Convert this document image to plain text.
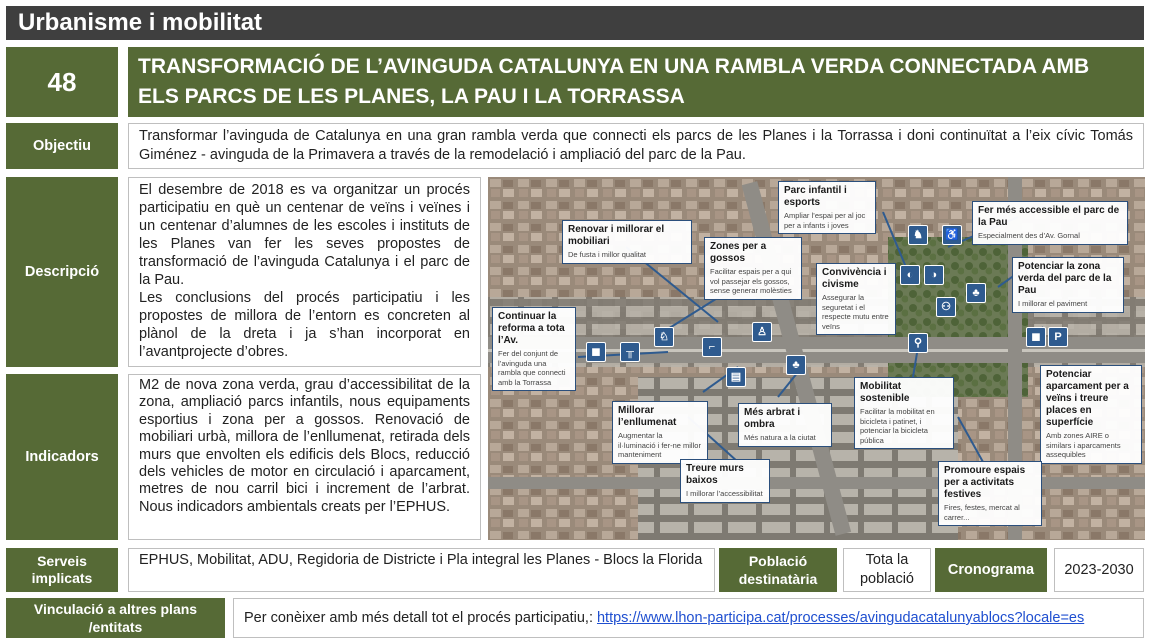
Urbanisme i mobilitat
48	TRANSFORMACIÓ DE L’AVINGUDA CATALUNYA EN UNA RAMBLA VERDA CONNECTADA AMB ELS PARCS DE LES PLANES, LA PAU I LA TORRASSA
Objectiu
Transformar l’avinguda de Catalunya en una gran rambla verda que connecti els parcs de les Planes i la Torrassa i doni continuïtat a l’eix cívic Tomás Giménez - avinguda de la Primavera a través de la remodelació i ampliació del parc de la Pau.
Descripció
El desembre de 2018 es va organitzar un procés participatiu en què un centenar de veïns i veïnes i un centenar d’alumnes de les escoles i instituts de les Planes van fer les seves propostes de transformació de l’avinguda Catalunya i el parc de la Pau.
Les conclusions del procés participatiu i les propostes de millora de l’entorn es concreten al plànol de la dreta i ja s’han incorporat en l’avantprojecte d’obres.
Indicadors
M2 de nova zona verda, grau d’accessibilitat de la zona, ampliació parcs infantils, nous equipaments esportius i zona per a gossos. Renovació de mobiliari urbà, millora de l’enllumenat, retirada dels murs que envolten els edificis dels Blocs, reducció dels vehicles de motor en circulació i aparcament, metres de nou carril bici i increment de l’arbrat. Nous indicadors ambientals creats per l’EPHUS.
Parc infantil i esports
Ampliar l’espai per al joc per a infants i joves
Renovar i millorar el mobiliari
De fusta i millor qualitat
Zones per a gossos
Facilitar espais per a qui vol passejar els gossos, sense generar molèsties
Fer més accessible el parc de la Pau
Especialment des d’Av. Gornal
Convivència i civisme
Assegurar la seguretat i el respecte mutu entre veïns
Potenciar la zona verda del parc de la Pau
I millorar el paviment
Continuar la reforma a tota l’Av.
Fer del conjunt de l’avinguda una rambla que connecti amb la Torrassa
Potenciar aparcament per a veïns i treure places en superfície
Amb zones AIRE o similars i aparcaments assequibles
Mobilitat sostenible
Facilitar la mobilitat en bicicleta i patinet, i potenciar la bicicleta pública
Millorar l’enllumenat
Augmentar la il·luminació i fer-ne millor manteniment
Més arbrat i ombra
Més natura a la ciutat
Treure murs baixos
I millorar l’accessibilitat
Promoure espais per a activitats festives
Fires, festes, mercat al carrer...
◼	╥
♘
⌐
♙
▤
♣
♞	♿
◐	◑
⚇
♣
⚲	◼	P
Serveis implicats
EPHUS, Mobilitat, ADU, Regidoria de Districte i Pla integral les Planes - Blocs la Florida	Població destinatària
Tota la població
Cronograma	2023-2030
Vinculació a altres plans /entitats
Per conèixer amb més detall tot el procés participatiu,: https://www.lhon-participa.cat/processes/avingudacatalunyablocs?locale=es
